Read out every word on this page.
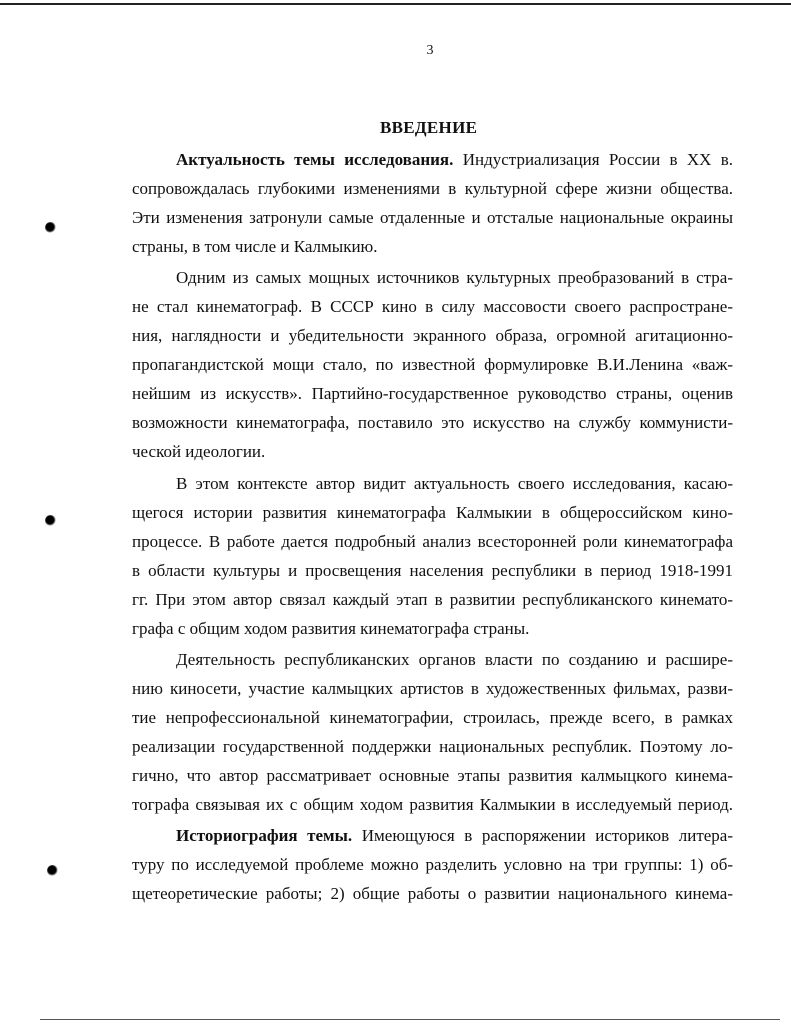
3
ВВЕДЕНИЕ
Актуальность темы исследования. Индустриализация России в XX в.
сопровождалась глубокими изменениями в культурной сфере жизни общества.
Эти изменения затронули самые отдаленные и отсталые национальные окраины
страны, в том числе и Калмыкию.
Одним из самых мощных источников культурных преобразований в стра-
не стал кинематограф. В СССР кино в силу массовости своего распростране-
ния, наглядности и убедительности экранного образа, огромной агитационно-
пропагандистской мощи стало, по известной формулировке В.И.Ленина «важ-
нейшим из искусств». Партийно-государственное руководство страны, оценив
возможности кинематографа, поставило это искусство на службу коммунисти-
ческой идеологии.
В этом контексте автор видит актуальность своего исследования, касаю-
щегося истории развития кинематографа Калмыкии в общероссийском кино-
процессе. В работе дается подробный анализ всесторонней роли кинематографа
в области культуры и просвещения населения республики в период 1918-1991
гг. При этом автор связал каждый этап в развитии республиканского кинемато-
графа с общим ходом развития кинематографа страны.
Деятельность республиканских органов власти по созданию и расшире-
нию киносети, участие калмыцких артистов в художественных фильмах, разви-
тие непрофессиональной кинематографии, строилась, прежде всего, в рамках
реализации государственной поддержки национальных республик. Поэтому ло-
гично, что автор рассматривает основные этапы развития калмыцкого кинема-
тографа связывая их с общим ходом развития Калмыкии в исследуемый период.
Историография темы. Имеющуюся в распоряжении историков литера-
туру по исследуемой проблеме можно разделить условно на три группы: 1) об-
щетеоретические работы; 2) общие работы о развитии национального кинема-
